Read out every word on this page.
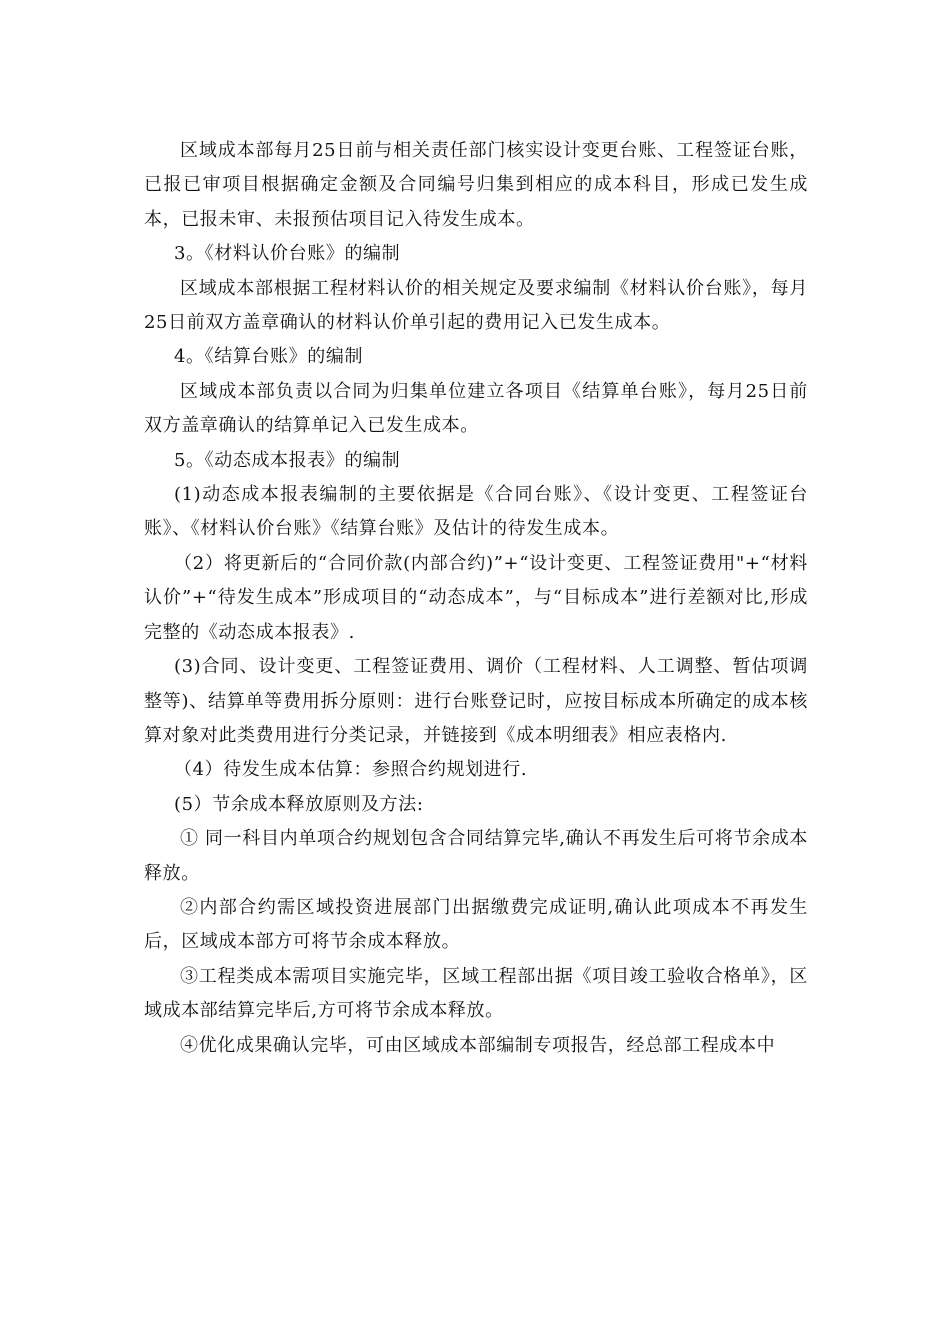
区域成本部每月25日前与相关责任部门核实设计变更台账、工程签证台账，已报已审项目根据确定金额及合同编号归集到相应的成本科目，形成已发生成本，已报未审、未报预估项目记入待发生成本。

3。《材料认价台账》的编制

区域成本部根据工程材料认价的相关规定及要求编制《材料认价台账》，每月25日前双方盖章确认的材料认价单引起的费用记入已发生成本。

4。《结算台账》的编制

区域成本部负责以合同为归集单位建立各项目《结算单台账》，每月25日前双方盖章确认的结算单记入已发生成本。

5。《动态成本报表》的编制

(1)动态成本报表编制的主要依据是《合同台账》、《设计变更、工程签证台账》、《材料认价台账》《结算台账》及估计的待发生成本。

（2）将更新后的“合同价款(内部合约)”+“设计变更、工程签证费用"+“材料认价”+“待发生成本”形成项目的“动态成本”，与“目标成本”进行差额对比,形成完整的《动态成本报表》.

(3)合同、设计变更、工程签证费用、调价（工程材料、人工调整、暂估项调整等)、结算单等费用拆分原则：进行台账登记时，应按目标成本所确定的成本核算对象对此类费用进行分类记录，并链接到《成本明细表》相应表格内.

（4）待发生成本估算：参照合约规划进行.

(5）节余成本释放原则及方法:

① 同一科目内单项合约规划包含合同结算完毕,确认不再发生后可将节余成本释放。

②内部合约需区域投资进展部门出据缴费完成证明,确认此项成本不再发生后，区域成本部方可将节余成本释放。

③工程类成本需项目实施完毕，区域工程部出据《项目竣工验收合格单》，区域成本部结算完毕后,方可将节余成本释放。

④优化成果确认完毕，可由区域成本部编制专项报告，经总部工程成本中
